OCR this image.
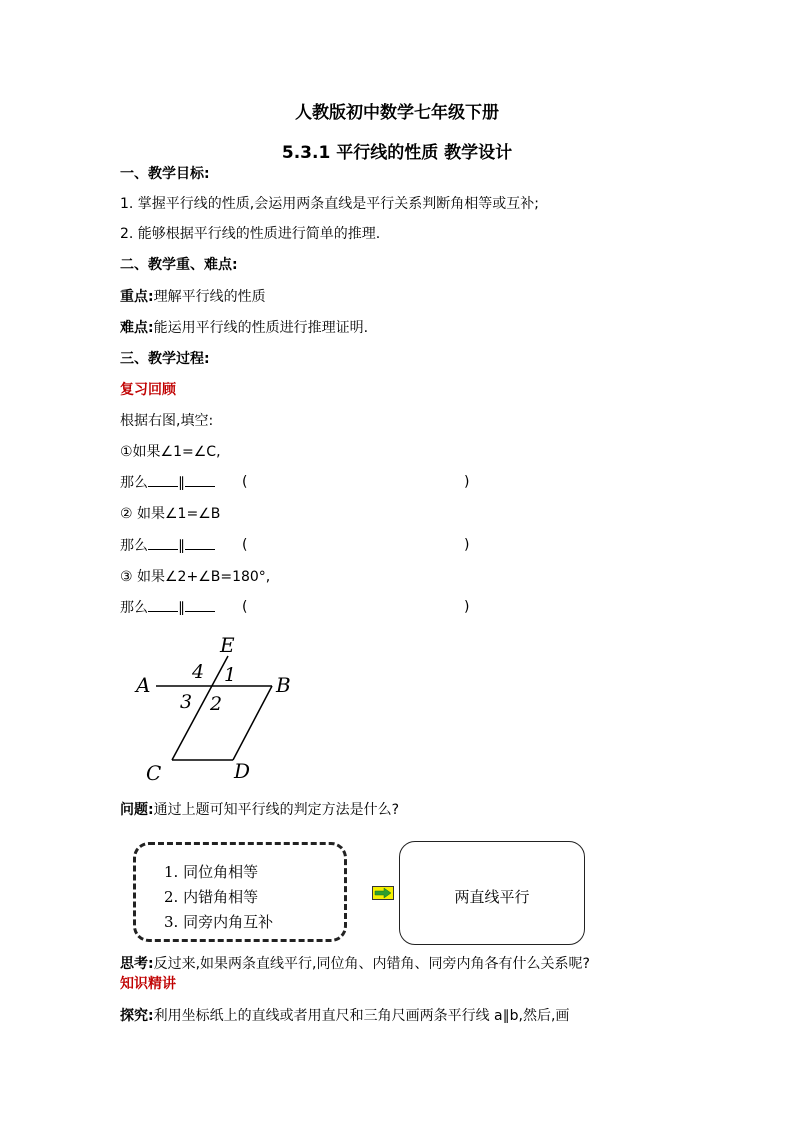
人教版初中数学七年级下册
5.3.1 平行线的性质 教学设计
一、教学目标:
1. 掌握平行线的性质,会运用两条直线是平行关系判断角相等或互补;
2. 能够根据平行线的性质进行简单的推理.
二、教学重、难点:
重点:理解平行线的性质
难点:能运用平行线的性质进行推理证明.
三、教学过程:
复习回顾
根据右图,填空:
①如果∠1=∠C,
那么 ∥	(	)
② 如果∠1=∠B
那么 ∥	(	)
③ 如果∠2+∠B=180°,
那么 ∥	(	)
E
A	B
C	D
4 1
3 2
问题:通过上题可知平行线的判定方法是什么?
1. 同位角相等
2. 内错角相等
3. 同旁内角互补
两直线平行
思考:反过来,如果两条直线平行,同位角、内错角、同旁内角各有什么关系呢?
知识精讲
探究:利用坐标纸上的直线或者用直尺和三角尺画两条平行线 a∥b,然后,画
